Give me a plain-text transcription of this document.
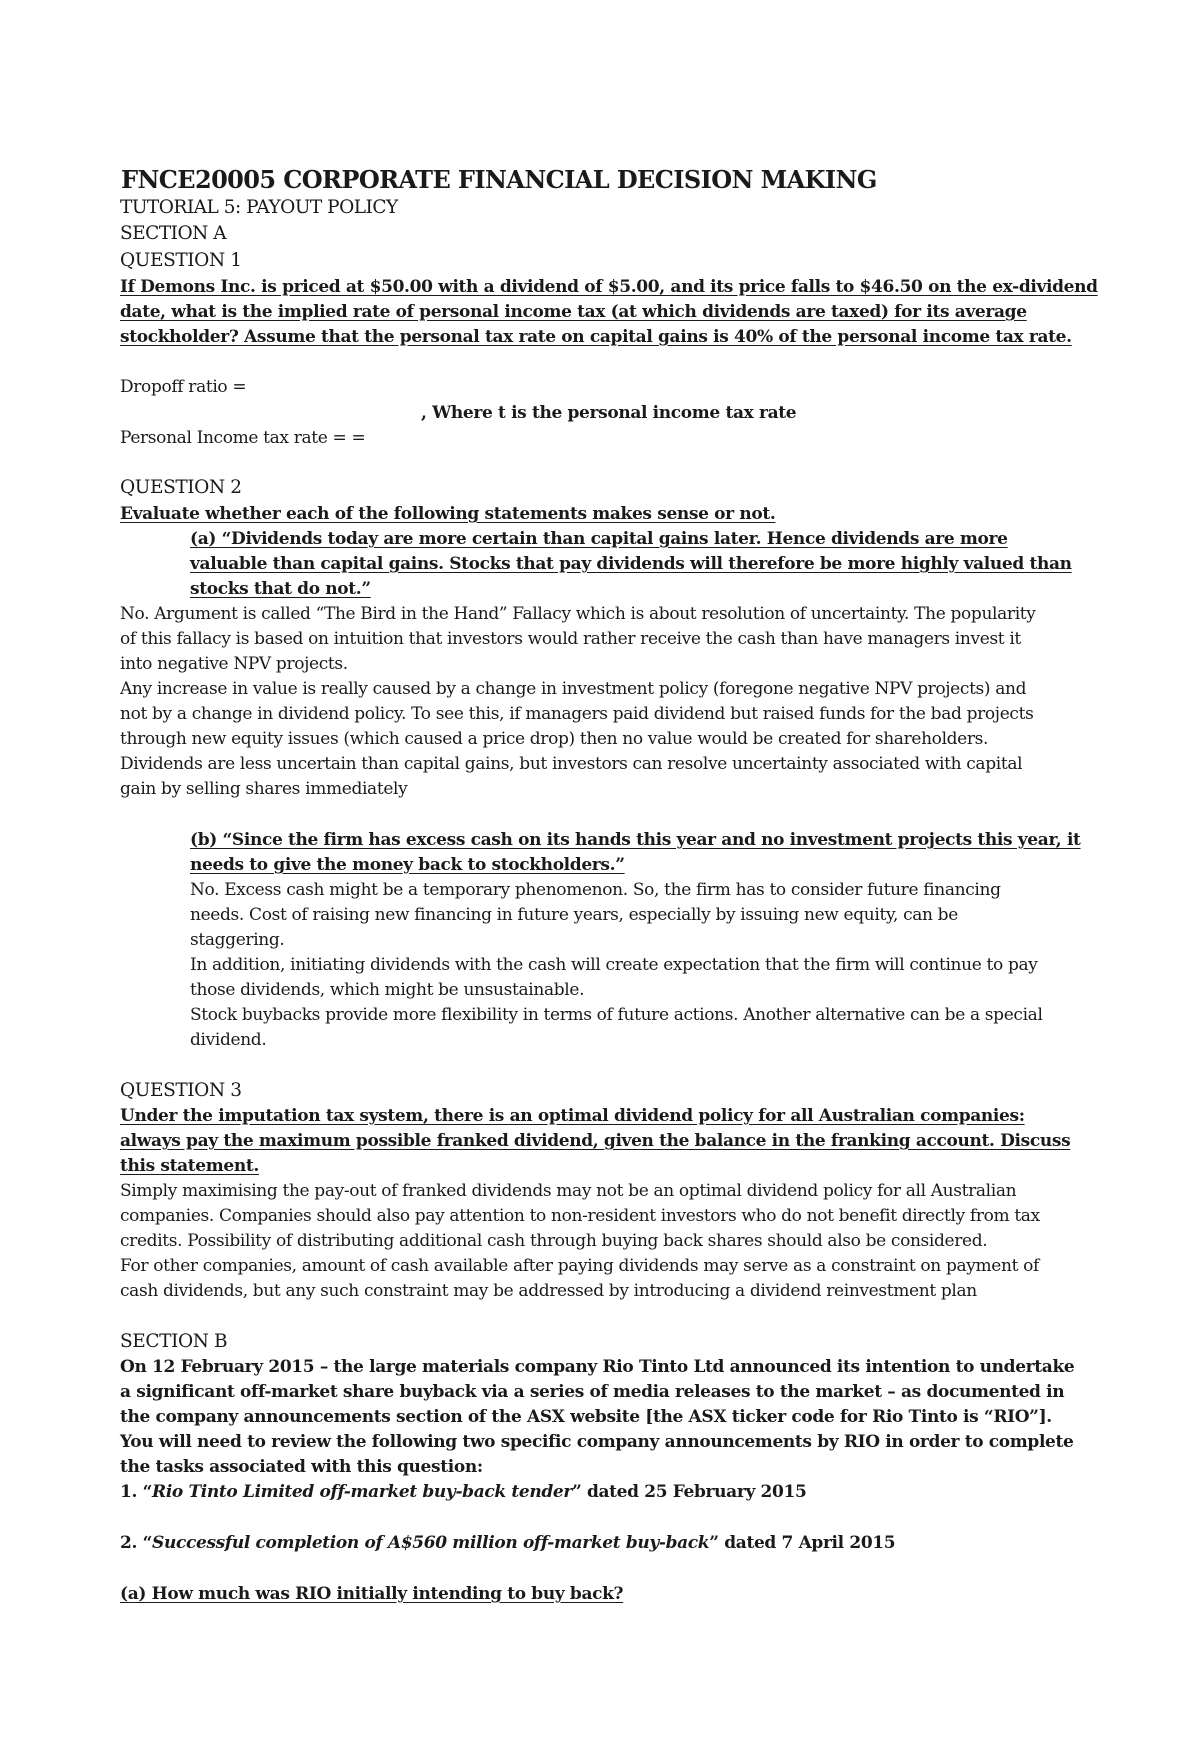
FNCE20005 CORPORATE FINANCIAL DECISION MAKING
TUTORIAL 5: PAYOUT POLICY
SECTION A
QUESTION 1
If Demons Inc. is priced at $50.00 with a dividend of $5.00, and its price falls to $46.50 on the ex-dividend
date, what is the implied rate of personal income tax (at which dividends are taxed) for its average
stockholder? Assume that the personal tax rate on capital gains is 40% of the personal income tax rate.
Dropoff ratio =
, Where t is the personal income tax rate
Personal Income tax rate = =
QUESTION 2
Evaluate whether each of the following statements makes sense or not.
(a) “Dividends today are more certain than capital gains later. Hence dividends are more
valuable than capital gains. Stocks that pay dividends will therefore be more highly valued than
stocks that do not.”
No. Argument is called “The Bird in the Hand” Fallacy which is about resolution of uncertainty. The popularity
of this fallacy is based on intuition that investors would rather receive the cash than have managers invest it
into negative NPV projects.
Any increase in value is really caused by a change in investment policy (foregone negative NPV projects) and
not by a change in dividend policy. To see this, if managers paid dividend but raised funds for the bad projects
through new equity issues (which caused a price drop) then no value would be created for shareholders.
Dividends are less uncertain than capital gains, but investors can resolve uncertainty associated with capital
gain by selling shares immediately
(b) “Since the firm has excess cash on its hands this year and no investment projects this year, it
needs to give the money back to stockholders.”
No. Excess cash might be a temporary phenomenon. So, the firm has to consider future financing
needs. Cost of raising new financing in future years, especially by issuing new equity, can be
staggering.
In addition, initiating dividends with the cash will create expectation that the firm will continue to pay
those dividends, which might be unsustainable.
Stock buybacks provide more flexibility in terms of future actions. Another alternative can be a special
dividend.
QUESTION 3
Under the imputation tax system, there is an optimal dividend policy for all Australian companies:
always pay the maximum possible franked dividend, given the balance in the franking account. Discuss
this statement.
Simply maximising the pay-out of franked dividends may not be an optimal dividend policy for all Australian
companies. Companies should also pay attention to non-resident investors who do not benefit directly from tax
credits. Possibility of distributing additional cash through buying back shares should also be considered.
For other companies, amount of cash available after paying dividends may serve as a constraint on payment of
cash dividends, but any such constraint may be addressed by introducing a dividend reinvestment plan
SECTION B
On 12 February 2015 – the large materials company Rio Tinto Ltd announced its intention to undertake
a significant off-market share buyback via a series of media releases to the market – as documented in
the company announcements section of the ASX website [the ASX ticker code for Rio Tinto is “RIO”].
You will need to review the following two specific company announcements by RIO in order to complete
the tasks associated with this question:
1. “Rio Tinto Limited off-market buy-back tender” dated 25 February 2015
2. “Successful completion of A$560 million off-market buy-back” dated 7 April 2015
(a) How much was RIO initially intending to buy back?
